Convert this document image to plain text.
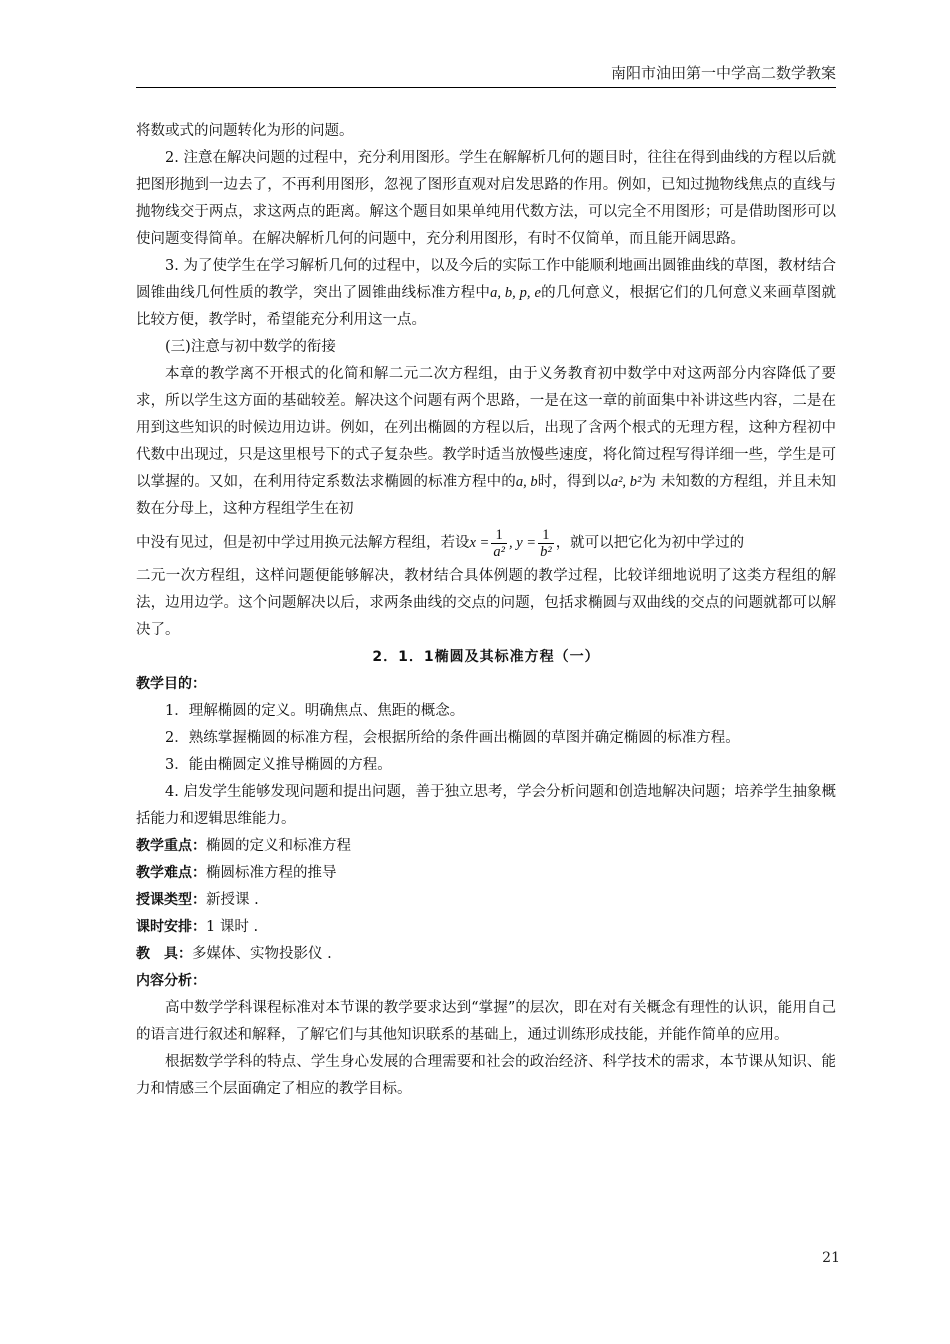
南阳市油田第一中学高二数学教案

将数或式的问题转化为形的问题。

2. 注意在解决问题的过程中，充分利用图形。学生在解解析几何的题目时，往往在得到曲线的方程以后就把图形抛到一边去了，不再利用图形，忽视了图形直观对启发思路的作用。例如，已知过抛物线焦点的直线与抛物线交于两点，求这两点的距离。解这个题目如果单纯用代数方法，可以完全不用图形；可是借助图形可以使问题变得简单。在解决解析几何的问题中，充分利用图形，有时不仅简单，而且能开阔思路。

3. 为了使学生在学习解析几何的过程中，以及今后的实际工作中能顺利地画出圆锥曲线的草图，教材结合圆锥曲线几何性质的教学，突出了圆锥曲线标准方程中a, b, p, e的几何意义，根据它们的几何意义来画草图就比较方便，教学时，希望能充分利用这一点。

(三)注意与初中数学的衔接

本章的教学离不开根式的化简和解二元二次方程组，由于义务教育初中数学中对这两部分内容降低了要求，所以学生这方面的基础较差。解决这个问题有两个思路，一是在这一章的前面集中补讲这些内容，二是在用到这些知识的时候边用边讲。例如，在列出椭圆的方程以后，出现了含两个根式的无理方程，这种方程初中代数中出现过，只是这里根号下的式子复杂些。教学时适当放慢些速度，将化简过程写得详细一些，学生是可以掌握的。又如，在利用待定系数法求椭圆的标准方程中的a, b时，得到以a², b²为 未知数的方程组，并且未知数在分母上，这种方程组学生在初

中没有见过，但是初中学过用换元法解方程组，若设$x = \frac{1}{\text{a²}}$ , $y = \frac{1}{\text{b²}}$ ，就可以把它化为初中学过的

二元一次方程组，这样问题便能够解决，教材结合具体例题的教学过程，比较详细地说明了这类方程组的解法，边用边学。这个问题解决以后，求两条曲线的交点的问题，包括求椭圆与双曲线的交点的问题就都可以解决了。

2．1．1椭圆及其标准方程（一）

教学目的：

1．理解椭圆的定义。明确焦点、焦距的概念。

2．熟练掌握椭圆的标准方程，会根据所给的条件画出椭圆的草图并确定椭圆的标准方程。

3．能由椭圆定义推导椭圆的方程。

4. 启发学生能够发现问题和提出问题，善于独立思考，学会分析问题和创造地解决问题；培养学生抽象概括能力和逻辑思维能力。

教学重点：椭圆的定义和标准方程

教学难点：椭圆标准方程的推导

授课类型：新授课 .

课时安排：1 课时 .

教　具：多媒体、实物投影仪 .

内容分析：

高中数学学科课程标准对本节课的教学要求达到“掌握”的层次，即在对有关概念有理性的认识，能用自己的语言进行叙述和解释，了解它们与其他知识联系的基础上，通过训练形成技能，并能作简单的应用。

根据数学学科的特点、学生身心发展的合理需要和社会的政治经济、科学技术的需求，本节课从知识、能力和情感三个层面确定了相应的教学目标。

21
